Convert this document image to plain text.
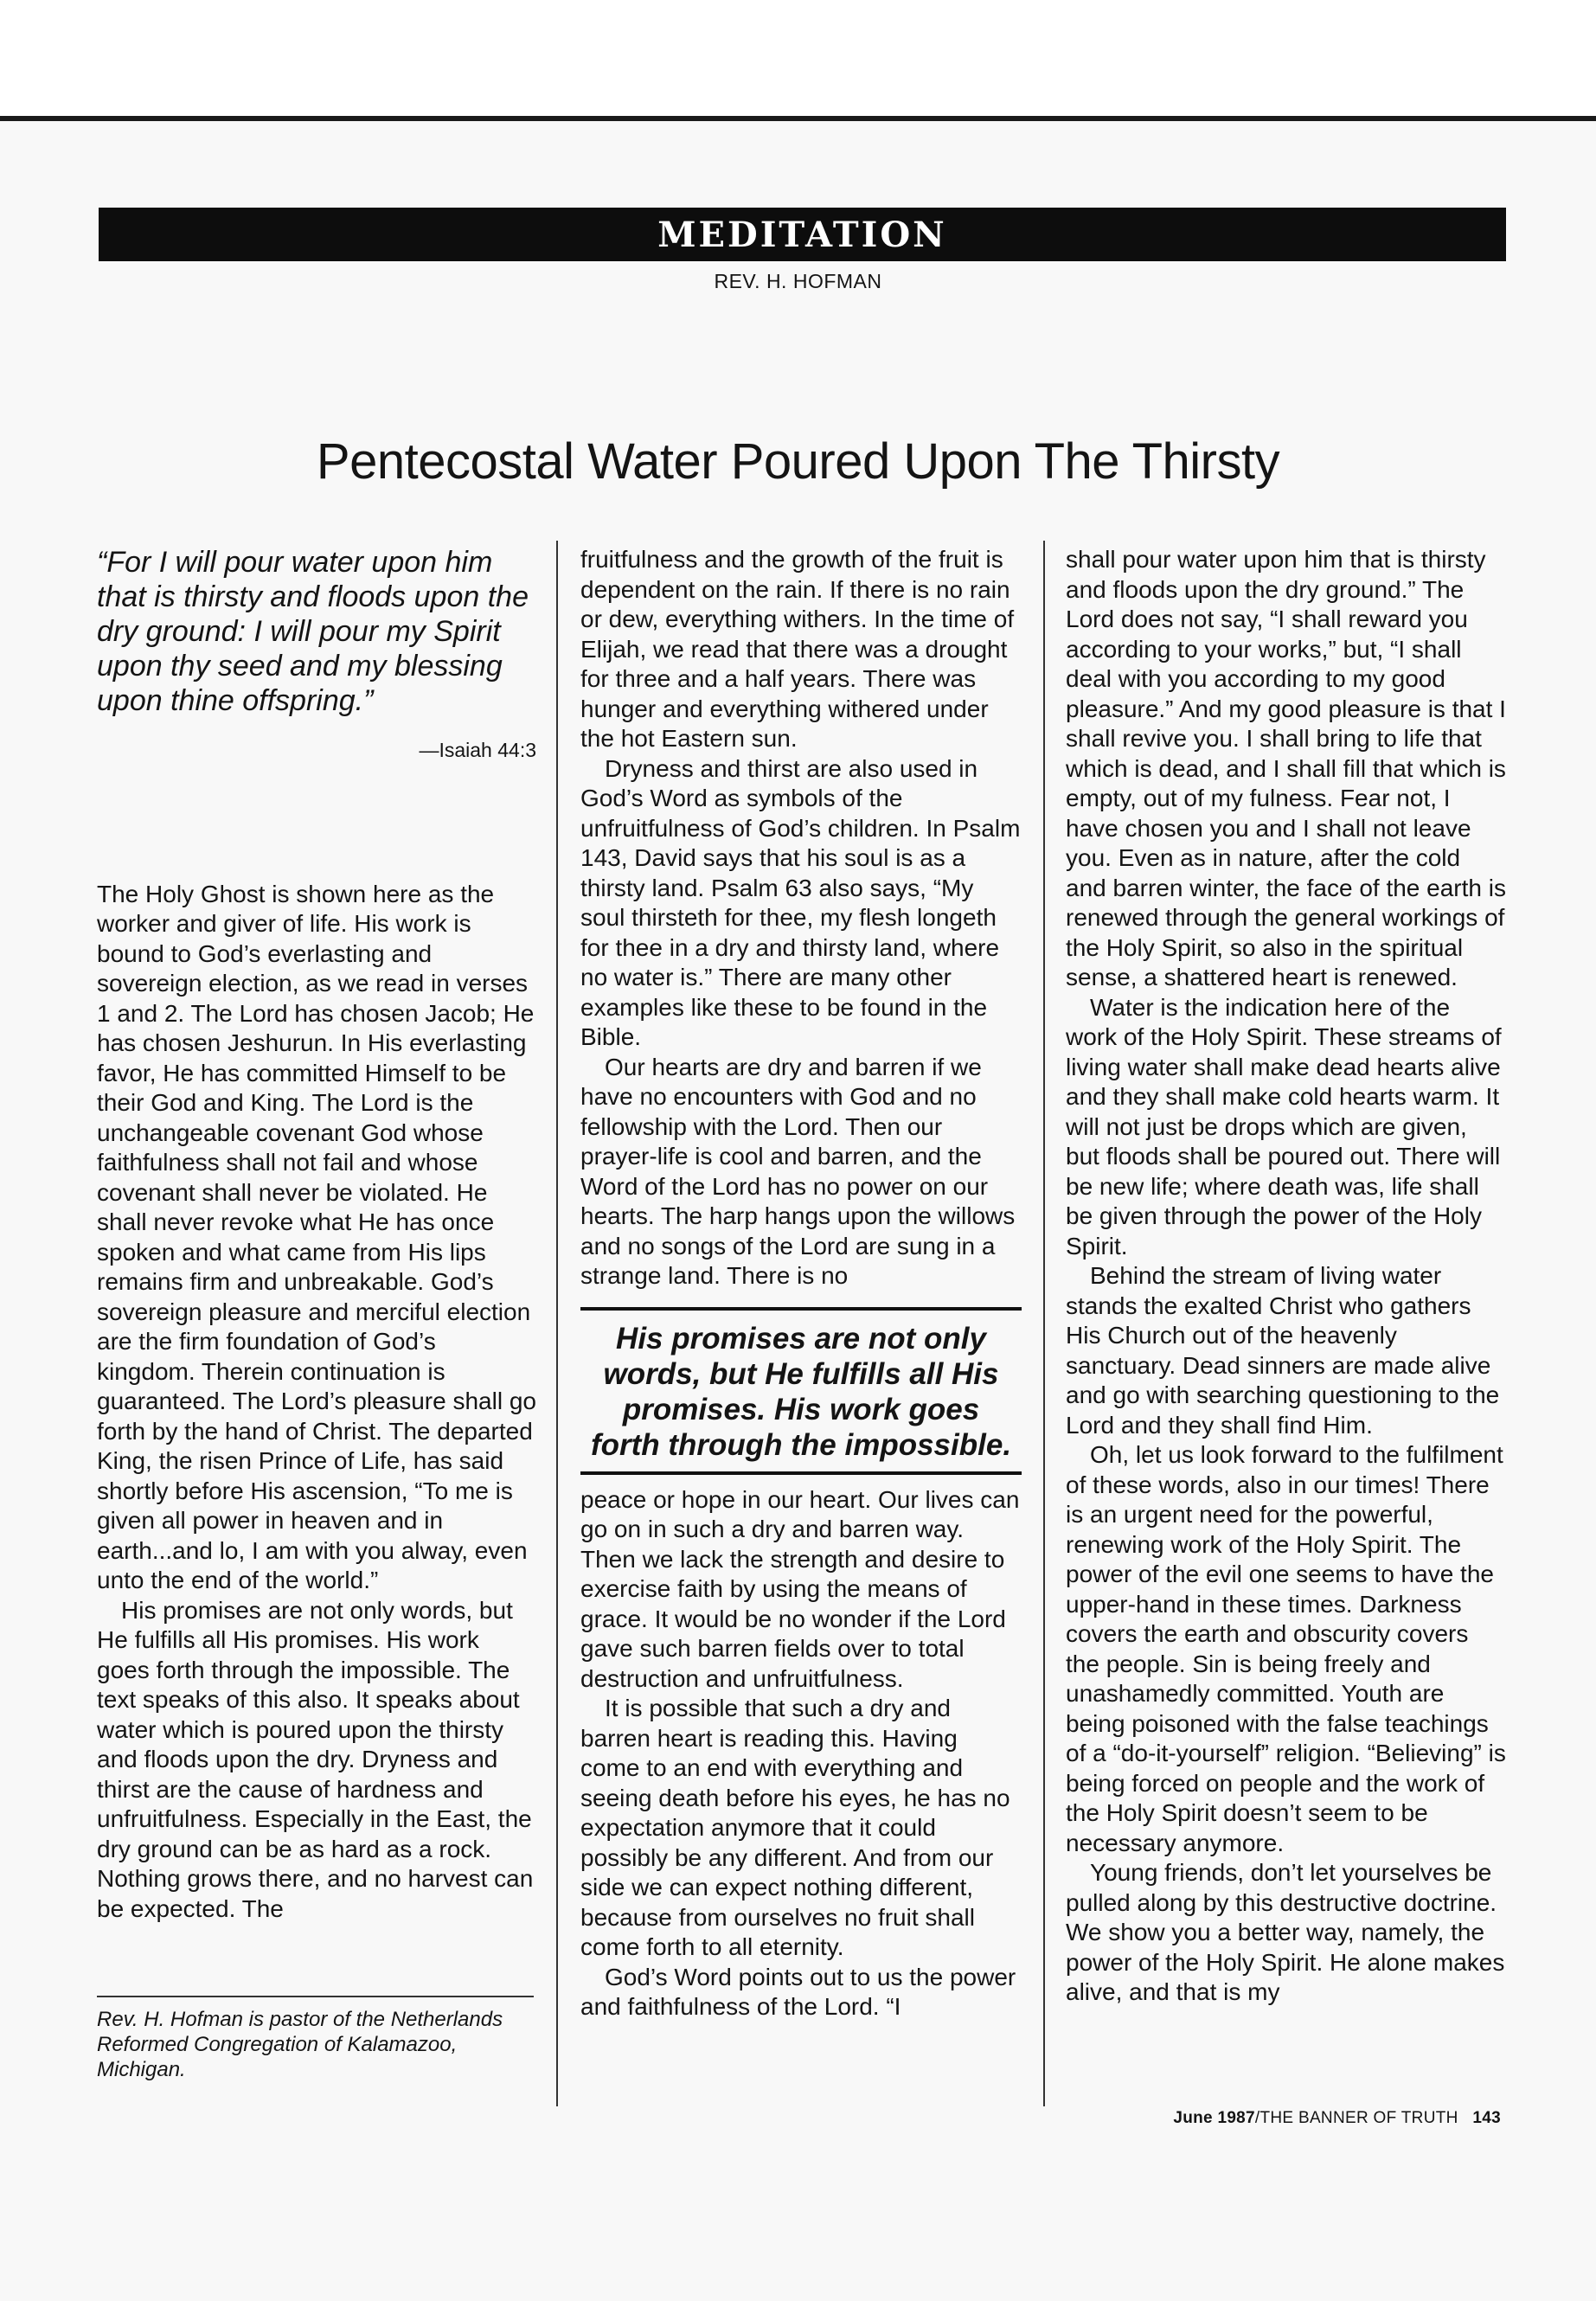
MEDITATION
REV. H. HOFMAN
Pentecostal Water Poured Upon The Thirsty

“For I will pour water upon him that is thirsty and floods upon the dry ground: I will pour my Spirit upon thy seed and my blessing upon thine offspring.”

—Isaiah 44:3

The Holy Ghost is shown here as the worker and giver of life. His work is bound to God’s everlasting and sovereign election, as we read in verses 1 and 2. The Lord has chosen Jacob; He has chosen Jeshurun. In His everlasting favor, He has committed Himself to be their God and King. The Lord is the unchangeable covenant God whose faithfulness shall not fail and whose covenant shall never be violated. He shall never revoke what He has once spoken and what came from His lips remains firm and unbreakable. God’s sovereign pleasure and merciful election are the firm foundation of God’s kingdom. Therein continuation is guaranteed. The Lord’s pleasure shall go forth by the hand of Christ. The departed King, the risen Prince of Life, has said shortly before His ascension, “To me is given all power in heaven and in earth...and lo, I am with you alway, even unto the end of the world.”

His promises are not only words, but He fulfills all His promises. His work goes forth through the impossible. The text speaks of this also. It speaks about water which is poured upon the thirsty and floods upon the dry. Dryness and thirst are the cause of hardness and unfruitfulness. Especially in the East, the dry ground can be as hard as a rock. Nothing grows there, and no harvest can be expected. The

Rev. H. Hofman is pastor of the Netherlands Reformed Congregation of Kalamazoo, Michigan.

fruitfulness and the growth of the fruit is dependent on the rain. If there is no rain or dew, everything withers. In the time of Elijah, we read that there was a drought for three and a half years. There was hunger and everything withered under the hot Eastern sun.

Dryness and thirst are also used in God’s Word as symbols of the unfruitfulness of God’s children. In Psalm 143, David says that his soul is as a thirsty land. Psalm 63 also says, “My soul thirsteth for thee, my flesh longeth for thee in a dry and thirsty land, where no water is.” There are many other examples like these to be found in the Bible.

Our hearts are dry and barren if we have no encounters with God and no fellowship with the Lord. Then our prayer-life is cool and barren, and the Word of the Lord has no power on our hearts. The harp hangs upon the willows and no songs of the Lord are sung in a strange land. There is no

His promises are not only words, but He fulfills all His promises. His work goes forth through the impossible.

peace or hope in our heart. Our lives can go on in such a dry and barren way. Then we lack the strength and desire to exercise faith by using the means of grace. It would be no wonder if the Lord gave such barren fields over to total destruction and unfruitfulness.

It is possible that such a dry and barren heart is reading this. Having come to an end with everything and seeing death before his eyes, he has no expectation anymore that it could possibly be any different. And from our side we can expect nothing different, because from ourselves no fruit shall come forth to all eternity.

God’s Word points out to us the power and faithfulness of the Lord. “I

shall pour water upon him that is thirsty and floods upon the dry ground.” The Lord does not say, “I shall reward you according to your works,” but, “I shall deal with you according to my good pleasure.” And my good pleasure is that I shall revive you. I shall bring to life that which is dead, and I shall fill that which is empty, out of my fulness. Fear not, I have chosen you and I shall not leave you. Even as in nature, after the cold and barren winter, the face of the earth is renewed through the general workings of the Holy Spirit, so also in the spiritual sense, a shattered heart is renewed.

Water is the indication here of the work of the Holy Spirit. These streams of living water shall make dead hearts alive and they shall make cold hearts warm. It will not just be drops which are given, but floods shall be poured out. There will be new life; where death was, life shall be given through the power of the Holy Spirit.

Behind the stream of living water stands the exalted Christ who gathers His Church out of the heavenly sanctuary. Dead sinners are made alive and go with searching questioning to the Lord and they shall find Him.

Oh, let us look forward to the fulfilment of these words, also in our times! There is an urgent need for the powerful, renewing work of the Holy Spirit. The power of the evil one seems to have the upper-hand in these times. Darkness covers the earth and obscurity covers the people. Sin is being freely and unashamedly committed. Youth are being poisoned with the false teachings of a “do-it-yourself” religion. “Believing” is being forced on people and the work of the Holy Spirit doesn’t seem to be necessary anymore.

Young friends, don’t let yourselves be pulled along by this destructive doctrine. We show you a better way, namely, the power of the Holy Spirit. He alone makes alive, and that is my

June 1987/THE BANNER OF TRUTH 143
